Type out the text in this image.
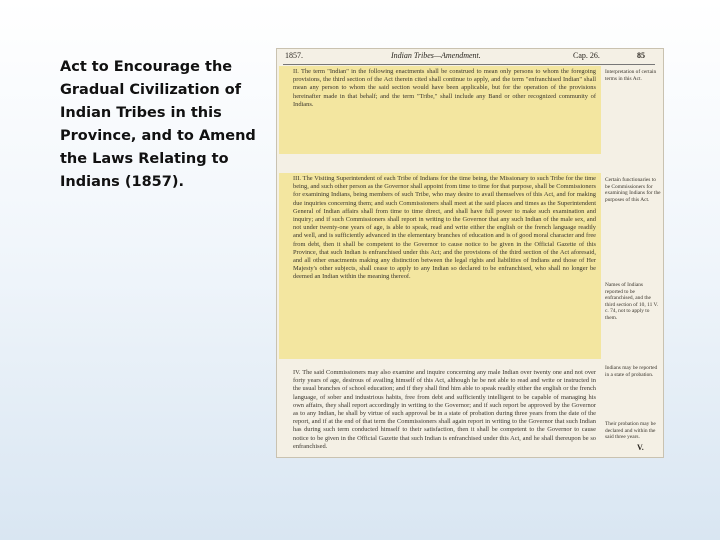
Act to Encourage the Gradual Civilization of Indian Tribes in this Province, and to Amend the Laws Relating to Indians (1857).
1857.	Indian Tribes—Amendment.	Cap. 26.	85

II. The term "Indian" in the following enactments shall be construed to mean only persons to whom the foregoing provisions, the third section of the Act therein cited shall continue to apply, and the term "enfranchised Indian" shall mean any person to whom the said section would have been applicable, but for the operation of the provisions hereinafter made in that behalf; and the term "Tribe," shall include any Band or other recognized community of Indians.

III. The Visiting Superintendent of each Tribe of Indians for the time being, the Missionary to such Tribe for the time being, and such other person as the Governor shall appoint from time to time for that purpose, shall be Commissioners for examining Indians, being members of such Tribe, who may desire to avail themselves of this Act, and for making due inquiries concerning them; and such Commissioners shall meet at the said places and times as the Superintendent General of Indian affairs shall from time to time direct, and shall have full power to make such examination and inquiry; and if such Commissioners shall report in writing to the Governor that any such Indian of the male sex, and not under twenty-one years of age, is able to speak, read and write either the english or the french language readily and well, and is sufficiently advanced in the elementary branches of education and is of good moral character and free from debt, then it shall be competent to the Governor to cause notice to be given in the Official Gazette of this Province, that such Indian is enfranchised under this Act; and the provisions of the third section of the Act aforesaid, and all other enactments making any distinction between the legal rights and liabilities of Indians and those of Her Majesty's other subjects, shall cease to apply to any Indian so declared to be enfranchised, who shall no longer be deemed an Indian within the meaning thereof.

IV. The said Commissioners may also examine and inquire concerning any male Indian over twenty one and not over forty years of age, desirous of availing himself of this Act, although he be not able to read and write or instructed in the usual branches of school education; and if they shall find him able to speak readily either the english or the french language, of sober and industrious habits, free from debt and sufficiently intelligent to be capable of managing his own affairs, they shall report accordingly in writing to the Governor; and if such report be approved by the Governor as to any Indian, he shall by virtue of such approval be in a state of probation during three years from the date of the report, and if at the end of that term the Commissioners shall again report in writing to the Governor that such Indian has during such term conducted himself to their satisfaction, then it shall be competent to the Governor to cause notice to be given in the Official Gazette that such Indian is enfranchised under this Act, and he shall thereupon be so enfranchised.

Interpretation of certain terms in this Act.
Certain functionaries to be Commissioners for examining Indians for the purposes of this Act.
Names of Indians reported to be enfranchised, and the third section of 10, 11 V. c. 74, not to apply to them.
Indians may be reported in a state of probation.
Their probation may be declared and within the said three years.
V.
